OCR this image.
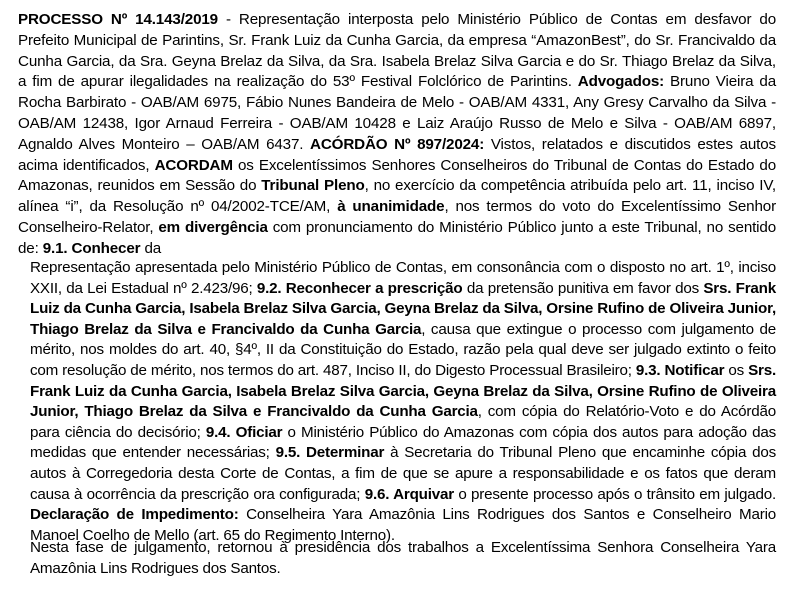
PROCESSO Nº 14.143/2019 - Representação interposta pelo Ministério Público de Contas em desfavor do Prefeito Municipal de Parintins, Sr. Frank Luiz da Cunha Garcia, da empresa “AmazonBest”, do Sr. Francivaldo da Cunha Garcia, da Sra. Geyna Brelaz da Silva, da Sra. Isabela Brelaz Silva Garcia e do Sr. Thiago Brelaz da Silva, a fim de apurar ilegalidades na realização do 53º Festival Folclórico de Parintins. Advogados: Bruno Vieira da Rocha Barbirato - OAB/AM 6975, Fábio Nunes Bandeira de Melo - OAB/AM 4331, Any Gresy Carvalho da Silva - OAB/AM 12438, Igor Arnaud Ferreira - OAB/AM 10428 e Laiz Araújo Russo de Melo e Silva - OAB/AM 6897, Agnaldo Alves Monteiro – OAB/AM 6437. ACÓRDÃO Nº 897/2024: Vistos, relatados e discutidos estes autos acima identificados, ACORDAM os Excelentíssimos Senhores Conselheiros do Tribunal de Contas do Estado do Amazonas, reunidos em Sessão do Tribunal Pleno, no exercício da competência atribuída pelo art. 11, inciso IV, alínea “i”, da Resolução nº 04/2002-TCE/AM, à unanimidade, nos termos do voto do Excelentíssimo Senhor Conselheiro-Relator, em divergência com pronunciamento do Ministério Público junto a este Tribunal, no sentido de: 9.1. Conhecer da

Representação apresentada pelo Ministério Público de Contas, em consonância com o disposto no art. 1º, inciso XXII, da Lei Estadual nº 2.423/96; 9.2. Reconhecer a prescrição da pretensão punitiva em favor dos Srs. Frank Luiz da Cunha Garcia, Isabela Brelaz Silva Garcia, Geyna Brelaz da Silva, Orsine Rufino de Oliveira Junior, Thiago Brelaz da Silva e Francivaldo da Cunha Garcia, causa que extingue o processo com julgamento de mérito, nos moldes do art. 40, §4º, II da Constituição do Estado, razão pela qual deve ser julgado extinto o feito com resolução de mérito, nos termos do art. 487, Inciso II, do Digesto Processual Brasileiro; 9.3. Notificar os Srs. Frank Luiz da Cunha Garcia, Isabela Brelaz Silva Garcia, Geyna Brelaz da Silva, Orsine Rufino de Oliveira Junior, Thiago Brelaz da Silva e Francivaldo da Cunha Garcia, com cópia do Relatório-Voto e do Acórdão para ciência do decisório; 9.4. Oficiar o Ministério Público do Amazonas com cópia dos autos para adoção das medidas que entender necessárias; 9.5. Determinar à Secretaria do Tribunal Pleno que encaminhe cópia dos autos à Corregedoria desta Corte de Contas, a fim de que se apure a responsabilidade e os fatos que deram causa à ocorrência da prescrição ora configurada; 9.6. Arquivar o presente processo após o trânsito em julgado. Declaração de Impedimento: Conselheira Yara Amazônia Lins Rodrigues dos Santos e Conselheiro Mario Manoel Coelho de Mello (art. 65 do Regimento Interno).

Nesta fase de julgamento, retornou à presidência dos trabalhos a Excelentíssima Senhora Conselheira Yara Amazônia Lins Rodrigues dos Santos.
